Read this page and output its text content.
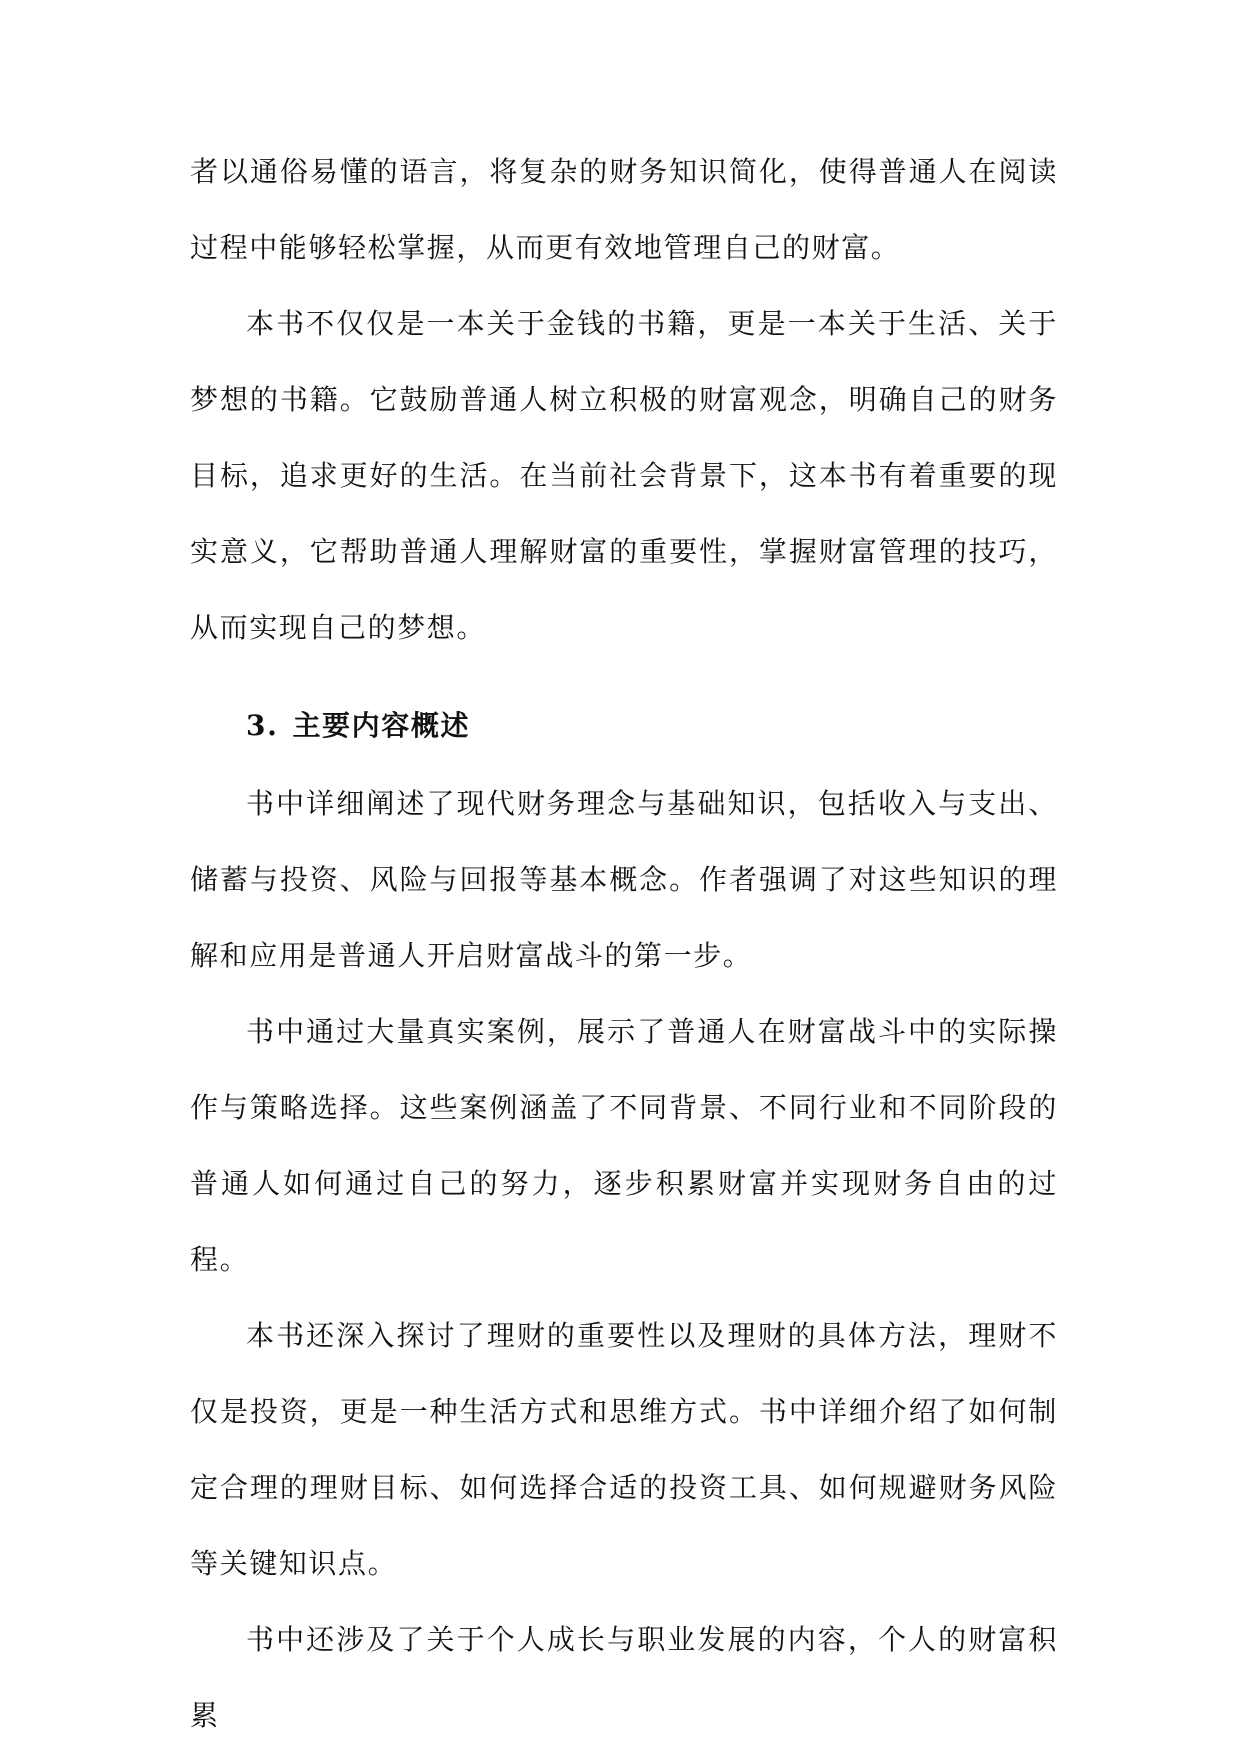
者以通俗易懂的语言，将复杂的财务知识简化，使得普通人在阅读过程中能够轻松掌握，从而更有效地管理自己的财富。

本书不仅仅是一本关于金钱的书籍，更是一本关于生活、关于梦想的书籍。它鼓励普通人树立积极的财富观念，明确自己的财务目标，追求更好的生活。在当前社会背景下，这本书有着重要的现实意义，它帮助普通人理解财富的重要性，掌握财富管理的技巧，从而实现自己的梦想。

3. 主要内容概述

书中详细阐述了现代财务理念与基础知识，包括收入与支出、储蓄与投资、风险与回报等基本概念。作者强调了对这些知识的理解和应用是普通人开启财富战斗的第一步。

书中通过大量真实案例，展示了普通人在财富战斗中的实际操作与策略选择。这些案例涵盖了不同背景、不同行业和不同阶段的普通人如何通过自己的努力，逐步积累财富并实现财务自由的过程。

本书还深入探讨了理财的重要性以及理财的具体方法，理财不仅是投资，更是一种生活方式和思维方式。书中详细介绍了如何制定合理的理财目标、如何选择合适的投资工具、如何规避财务风险等关键知识点。

书中还涉及了关于个人成长与职业发展的内容，个人的财富积累
